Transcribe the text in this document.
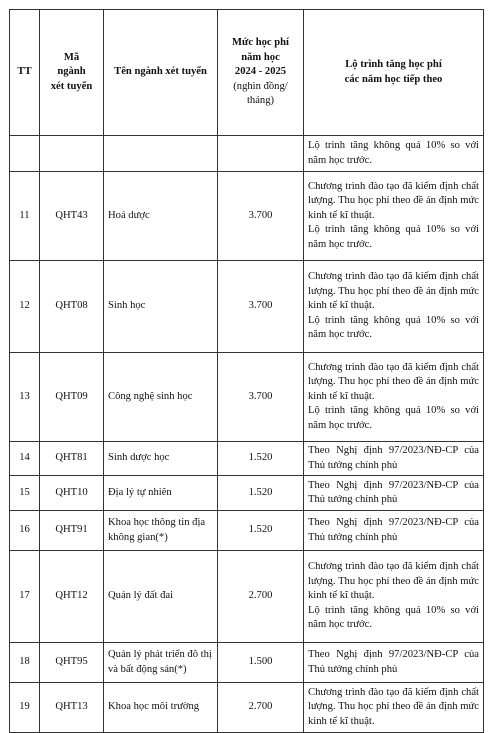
TT	Mã
ngành
xét tuyển	Tên ngành xét tuyển	Mức học phí
năm học
2024 - 2025
(nghìn đồng/
tháng)	Lộ trình tăng học phí
các năm học tiếp theo

				Lộ trình tăng không quá 10% so với năm học trước.

11	QHT43	Hoá dược	3.700	Chương trình đào tạo đã kiểm định chất lượng. Thu học phí theo đề án định mức kinh tế kĩ thuật.
Lộ trình tăng không quá 10% so với năm học trước.

12	QHT08	Sinh học	3.700	Chương trình đào tạo đã kiểm định chất lượng. Thu học phí theo đề án định mức kinh tế kĩ thuật.
Lộ trình tăng không quá 10% so với năm học trước.

13	QHT09	Công nghệ sinh học	3.700	Chương trình đào tạo đã kiểm định chất lượng. Thu học phí theo đề án định mức kinh tế kĩ thuật.
Lộ trình tăng không quá 10% so với năm học trước.

14	QHT81	Sinh dược học	1.520	Theo Nghị định 97/2023/NĐ-CP của Thủ tướng chính phủ

15	QHT10	Địa lý tự nhiên	1.520	Theo Nghị định 97/2023/NĐ-CP của Thủ tướng chính phủ

16	QHT91	Khoa học thông tin địa không gian(*)	1.520	Theo Nghị định 97/2023/NĐ-CP của Thủ tướng chính phủ

17	QHT12	Quản lý đất đai	2.700	Chương trình đào tạo đã kiểm định chất lượng. Thu học phí theo đề án định mức kinh tế kĩ thuật.
Lộ trình tăng không quá 10% so với năm học trước.

18	QHT95	Quản lý phát triển đô thị và bất động sản(*)	1.500	Theo Nghị định 97/2023/NĐ-CP của Thủ tướng chính phủ

19	QHT13	Khoa học môi trường	2.700	Chương trình đào tạo đã kiểm định chất lượng. Thu học phí theo đề án định mức kinh tế kĩ thuật.
